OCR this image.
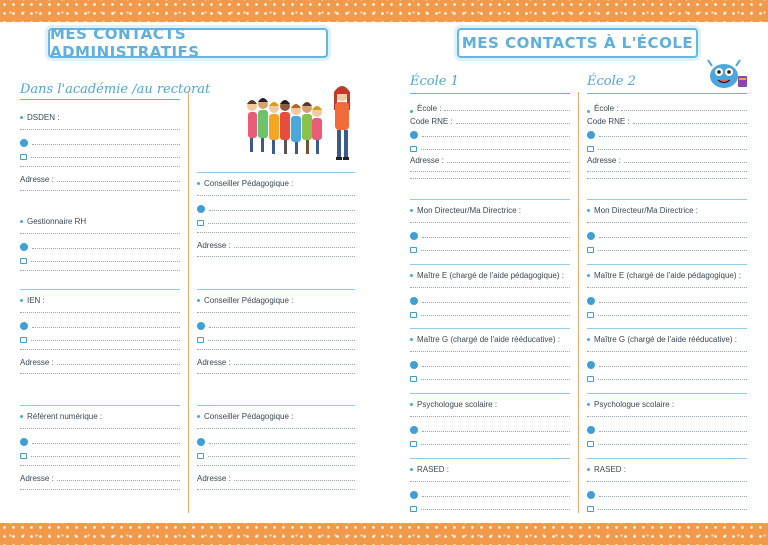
MES CONTACTS ADMINISTRATIFS	MES CONTACTS À L'ÉCOLE
Dans l'académie /au rectorat
École 1	École 2
DSDEN :
Adresse :
Gestionnaire RH
IEN :
Adresse :
Référent numérique :
Adresse :
Conseiller Pédagogique :
Adresse :
Conseiller Pédagogique :
Adresse :
Conseiller Pédagogique :
Adresse :
École :
Code RNE :
Adresse :
Mon Directeur/Ma Directrice :
Maître E (chargé de l'aide pédagogique) :
Maître G (chargé de l'aide rééducative) :
Psychologue scolaire :
RASED :
École :
Code RNE :
Adresse :
Mon Directeur/Ma Directrice :
Maître E (chargé de l'aide pédagogique) :
Maître G (chargé de l'aide rééducative) :
Psychologue scolaire :
RASED :
